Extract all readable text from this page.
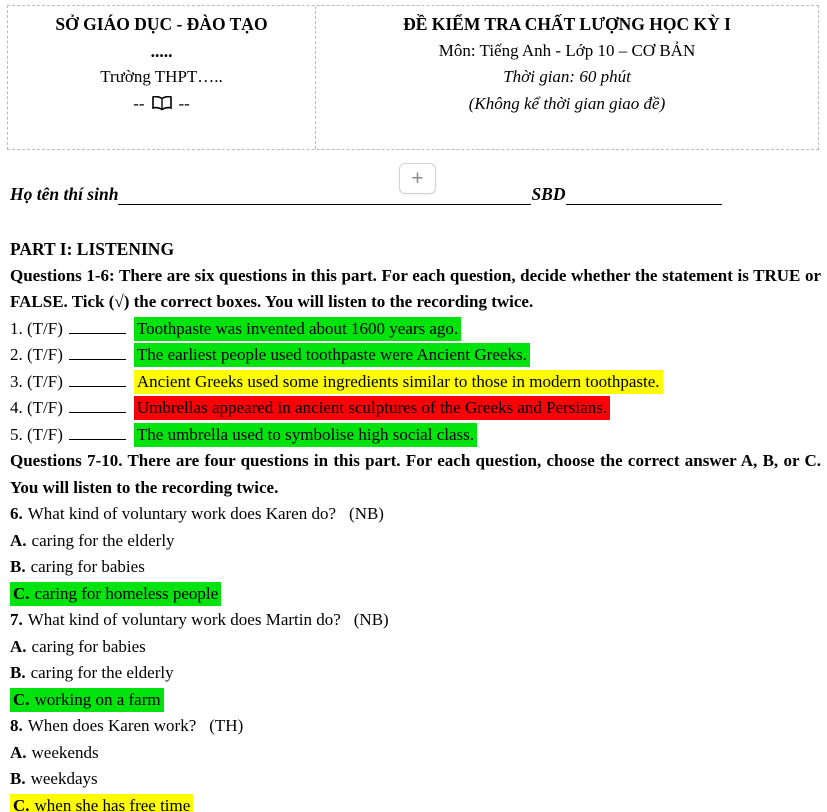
SỞ GIÁO DỤC - ĐÀO TẠO
.....
Trường THPT…..
-- --
ĐỀ KIỂM TRA CHẤT LƯỢNG HỌC KỲ I
Môn: Tiếng Anh - Lớp 10 – CƠ BẢN
Thời gian: 60 phút
(Không kể thời gian giao đề)
+
Họ tên thí sinh	SBD

PART I: LISTENING

Questions 1-6: There are six questions in this part. For each question, decide whether the statement is TRUE or FALSE. Tick (√) the correct boxes. You will listen to the recording twice.

1. (T/F)	Toothpaste was invented about 1600 years ago.
2. (T/F)	The earliest people used toothpaste were Ancient Greeks.
3. (T/F)	Ancient Greeks used some ingredients similar to those in modern toothpaste.
4. (T/F)	Umbrellas appeared in ancient sculptures of the Greeks and Persians.
5. (T/F)	The umbrella used to symbolise high social class.

Questions 7-10. There are four questions in this part. For each question, choose the correct answer A, B, or C. You will listen to the recording twice.

6. What kind of voluntary work does Karen do? (NB)
A. caring for the elderly
B. caring for babies
C. caring for homeless people
7. What kind of voluntary work does Martin do? (NB)
A. caring for babies
B. caring for the elderly
C. working on a farm
8. When does Karen work? (TH)
A. weekends
B. weekdays
C. when she has free time
